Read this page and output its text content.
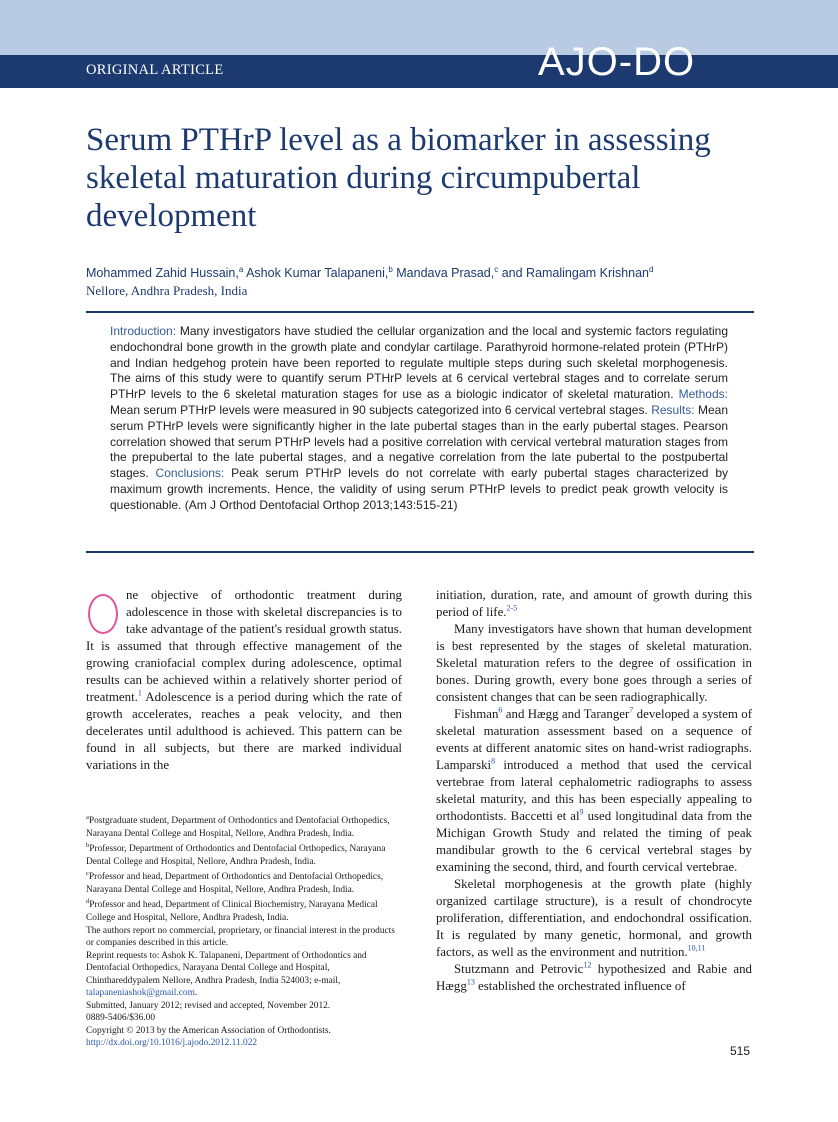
ORIGINAL ARTICLE	AJO-DO
Serum PTHrP level as a biomarker in assessing skeletal maturation during circumpubertal development
Mohammed Zahid Hussain,$^a$ Ashok Kumar Talapaneni,$^b$ Mandava Prasad,$^c$ and Ramalingam Krishnan$^d$
Nellore, Andhra Pradesh, India

Introduction: Many investigators have studied the cellular organization and the local and systemic factors regulating endochondral bone growth in the growth plate and condylar cartilage. Parathyroid hormone-related protein (PTHrP) and Indian hedgehog protein have been reported to regulate multiple steps during such skeletal morphogenesis. The aims of this study were to quantify serum PTHrP levels at 6 cervical vertebral stages and to correlate serum PTHrP levels to the 6 skeletal maturation stages for use as a biologic indicator of skeletal maturation. Methods: Mean serum PTHrP levels were measured in 90 subjects categorized into 6 cervical vertebral stages. Results: Mean serum PTHrP levels were significantly higher in the late pubertal stages than in the early pubertal stages. Pearson correlation showed that serum PTHrP levels had a positive correlation with cervical vertebral maturation stages from the prepubertal to the late pubertal stages, and a negative correlation from the late pubertal to the postpubertal stages. Conclusions: Peak serum PTHrP levels do not correlate with early pubertal stages characterized by maximum growth increments. Hence, the validity of using serum PTHrP levels to predict peak growth velocity is questionable. (Am J Orthod Dentofacial Orthop 2013;143:515-21)

ne objective of orthodontic treatment during adolescence in those with skeletal discrepancies is to take advantage of the patient's residual growth status. It is assumed that through effective management of the growing craniofacial complex during adolescence, optimal results can be achieved within a relatively shorter period of treatment.$^1$ Adolescence is a period during which the rate of growth accelerates, reaches a peak velocity, and then decelerates until adulthood is achieved. This pattern can be found in all subjects, but there are marked individual variations in the

initiation, duration, rate, and amount of growth during this period of life.$^{2-5}$

Many investigators have shown that human development is best represented by the stages of skeletal maturation. Skeletal maturation refers to the degree of ossification in bones. During growth, every bone goes through a series of consistent changes that can be seen radiographically.

Fishman$^6$ and Hægg and Taranger$^7$ developed a system of skeletal maturation assessment based on a sequence of events at different anatomic sites on hand-wrist radiographs. Lamparski$^8$ introduced a method that used the cervical vertebrae from lateral cephalometric radiographs to assess skeletal maturity, and this has been especially appealing to orthodontists. Baccetti et $al^9$ used longitudinal data from the Michigan Growth Study and related the timing of peak mandibular growth to the 6 cervical vertebral stages by examining the second, third, and fourth cervical vertebrae.

Skeletal morphogenesis at the growth plate (highly organized cartilage structure), is a result of chondrocyte proliferation, differentiation, and endochondral ossification. It is regulated by many genetic, hormonal, and growth factors, as well as the environment and nutrition.$^{10,11}$

Stutzmann and Petrovic$^{12}$ hypothesized and Rabie and Hægg$^{13}$ established the orchestrated influence of

$^a$Postgraduate student, Department of Orthodontics and Dentofacial Orthopedics, Narayana Dental College and Hospital, Nellore, Andhra Pradesh, India.

$^b$Professor, Department of Orthodontics and Dentofacial Orthopedics, Narayana Dental College and Hospital, Nellore, Andhra Pradesh, India.

$^c$Professor and head, Department of Orthodontics and Dentofacial Orthopedics, Narayana Dental College and Hospital, Nellore, Andhra Pradesh, India.

$^d$Professor and head, Department of Clinical Biochemistry, Narayana Medical College and Hospital, Nellore, Andhra Pradesh, India.

The authors report no commercial, proprietary, or financial interest in the products or companies described in this article.

Reprint requests to: Ashok K. Talapaneni, Department of Orthodontics and Dentofacial Orthopedics, Narayana Dental College and Hospital, Chinthareddypalem Nellore, Andhra Pradesh, India 524003; e-mail, talapaneniashok@gmail.com.

Submitted, January 2012; revised and accepted, November 2012.

0889-5406/$36.00

Copyright © 2013 by the American Association of Orthodontists.

http://dx.doi.org/10.1016/j.ajodo.2012.11.022

515
